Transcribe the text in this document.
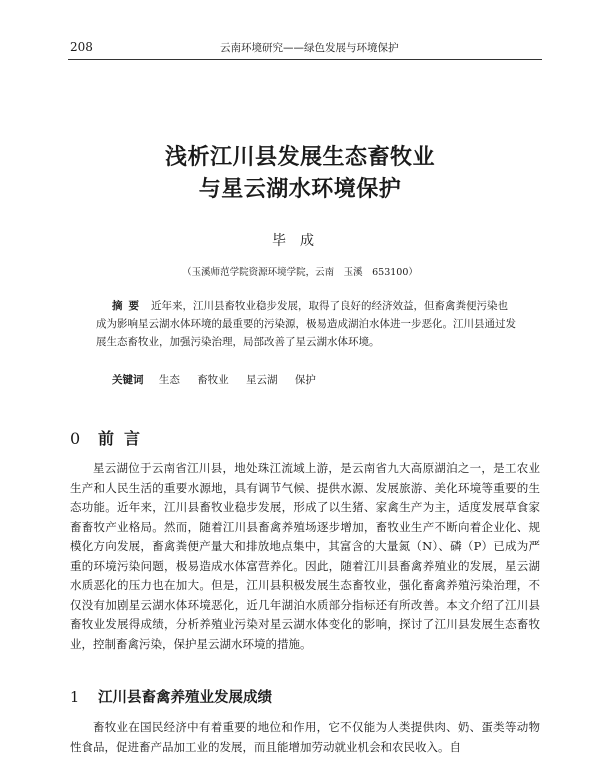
208	云南环境研究——绿色发展与环境保护
浅析江川县发展生态畜牧业
与星云湖水环境保护
毕成
（玉溪师范学院资源环境学院，云南　玉溪　653100）
摘要 近年来，江川县畜牧业稳步发展，取得了良好的经济效益，但畜禽粪便污染也成为影响星云湖水体环境的最重要的污染源，极易造成湖泊水体进一步恶化。江川县通过发展生态畜牧业，加强污染治理，局部改善了星云湖水体环境。
关键词 生态 畜牧业 星云湖 保护
0 前言
星云湖位于云南省江川县，地处珠江流域上游，是云南省九大高原湖泊之一，是工农业生产和人民生活的重要水源地，具有调节气候、提供水源、发展旅游、美化环境等重要的生态功能。近年来，江川县畜牧业稳步发展，形成了以生猪、家禽生产为主，适度发展草食家畜畜牧产业格局。然而，随着江川县畜禽养殖场逐步增加，畜牧业生产不断向着企业化、规模化方向发展，畜禽粪便产量大和排放地点集中，其富含的大量氮（N）、磷（P）已成为严重的环境污染问题，极易造成水体富营养化。因此，随着江川县畜禽养殖业的发展，星云湖水质恶化的压力也在加大。但是，江川县积极发展生态畜牧业，强化畜禽养殖污染治理，不仅没有加剧星云湖水体环境恶化，近几年湖泊水质部分指标还有所改善。本文介绍了江川县畜牧业发展得成绩，分析养殖业污染对星云湖水体变化的影响，探讨了江川县发展生态畜牧业，控制畜禽污染，保护星云湖水环境的措施。
1 江川县畜禽养殖业发展成绩
畜牧业在国民经济中有着重要的地位和作用，它不仅能为人类提供肉、奶、蛋类等动物性食品，促进畜产品加工业的发展，而且能增加劳动就业机会和农民收入。自
